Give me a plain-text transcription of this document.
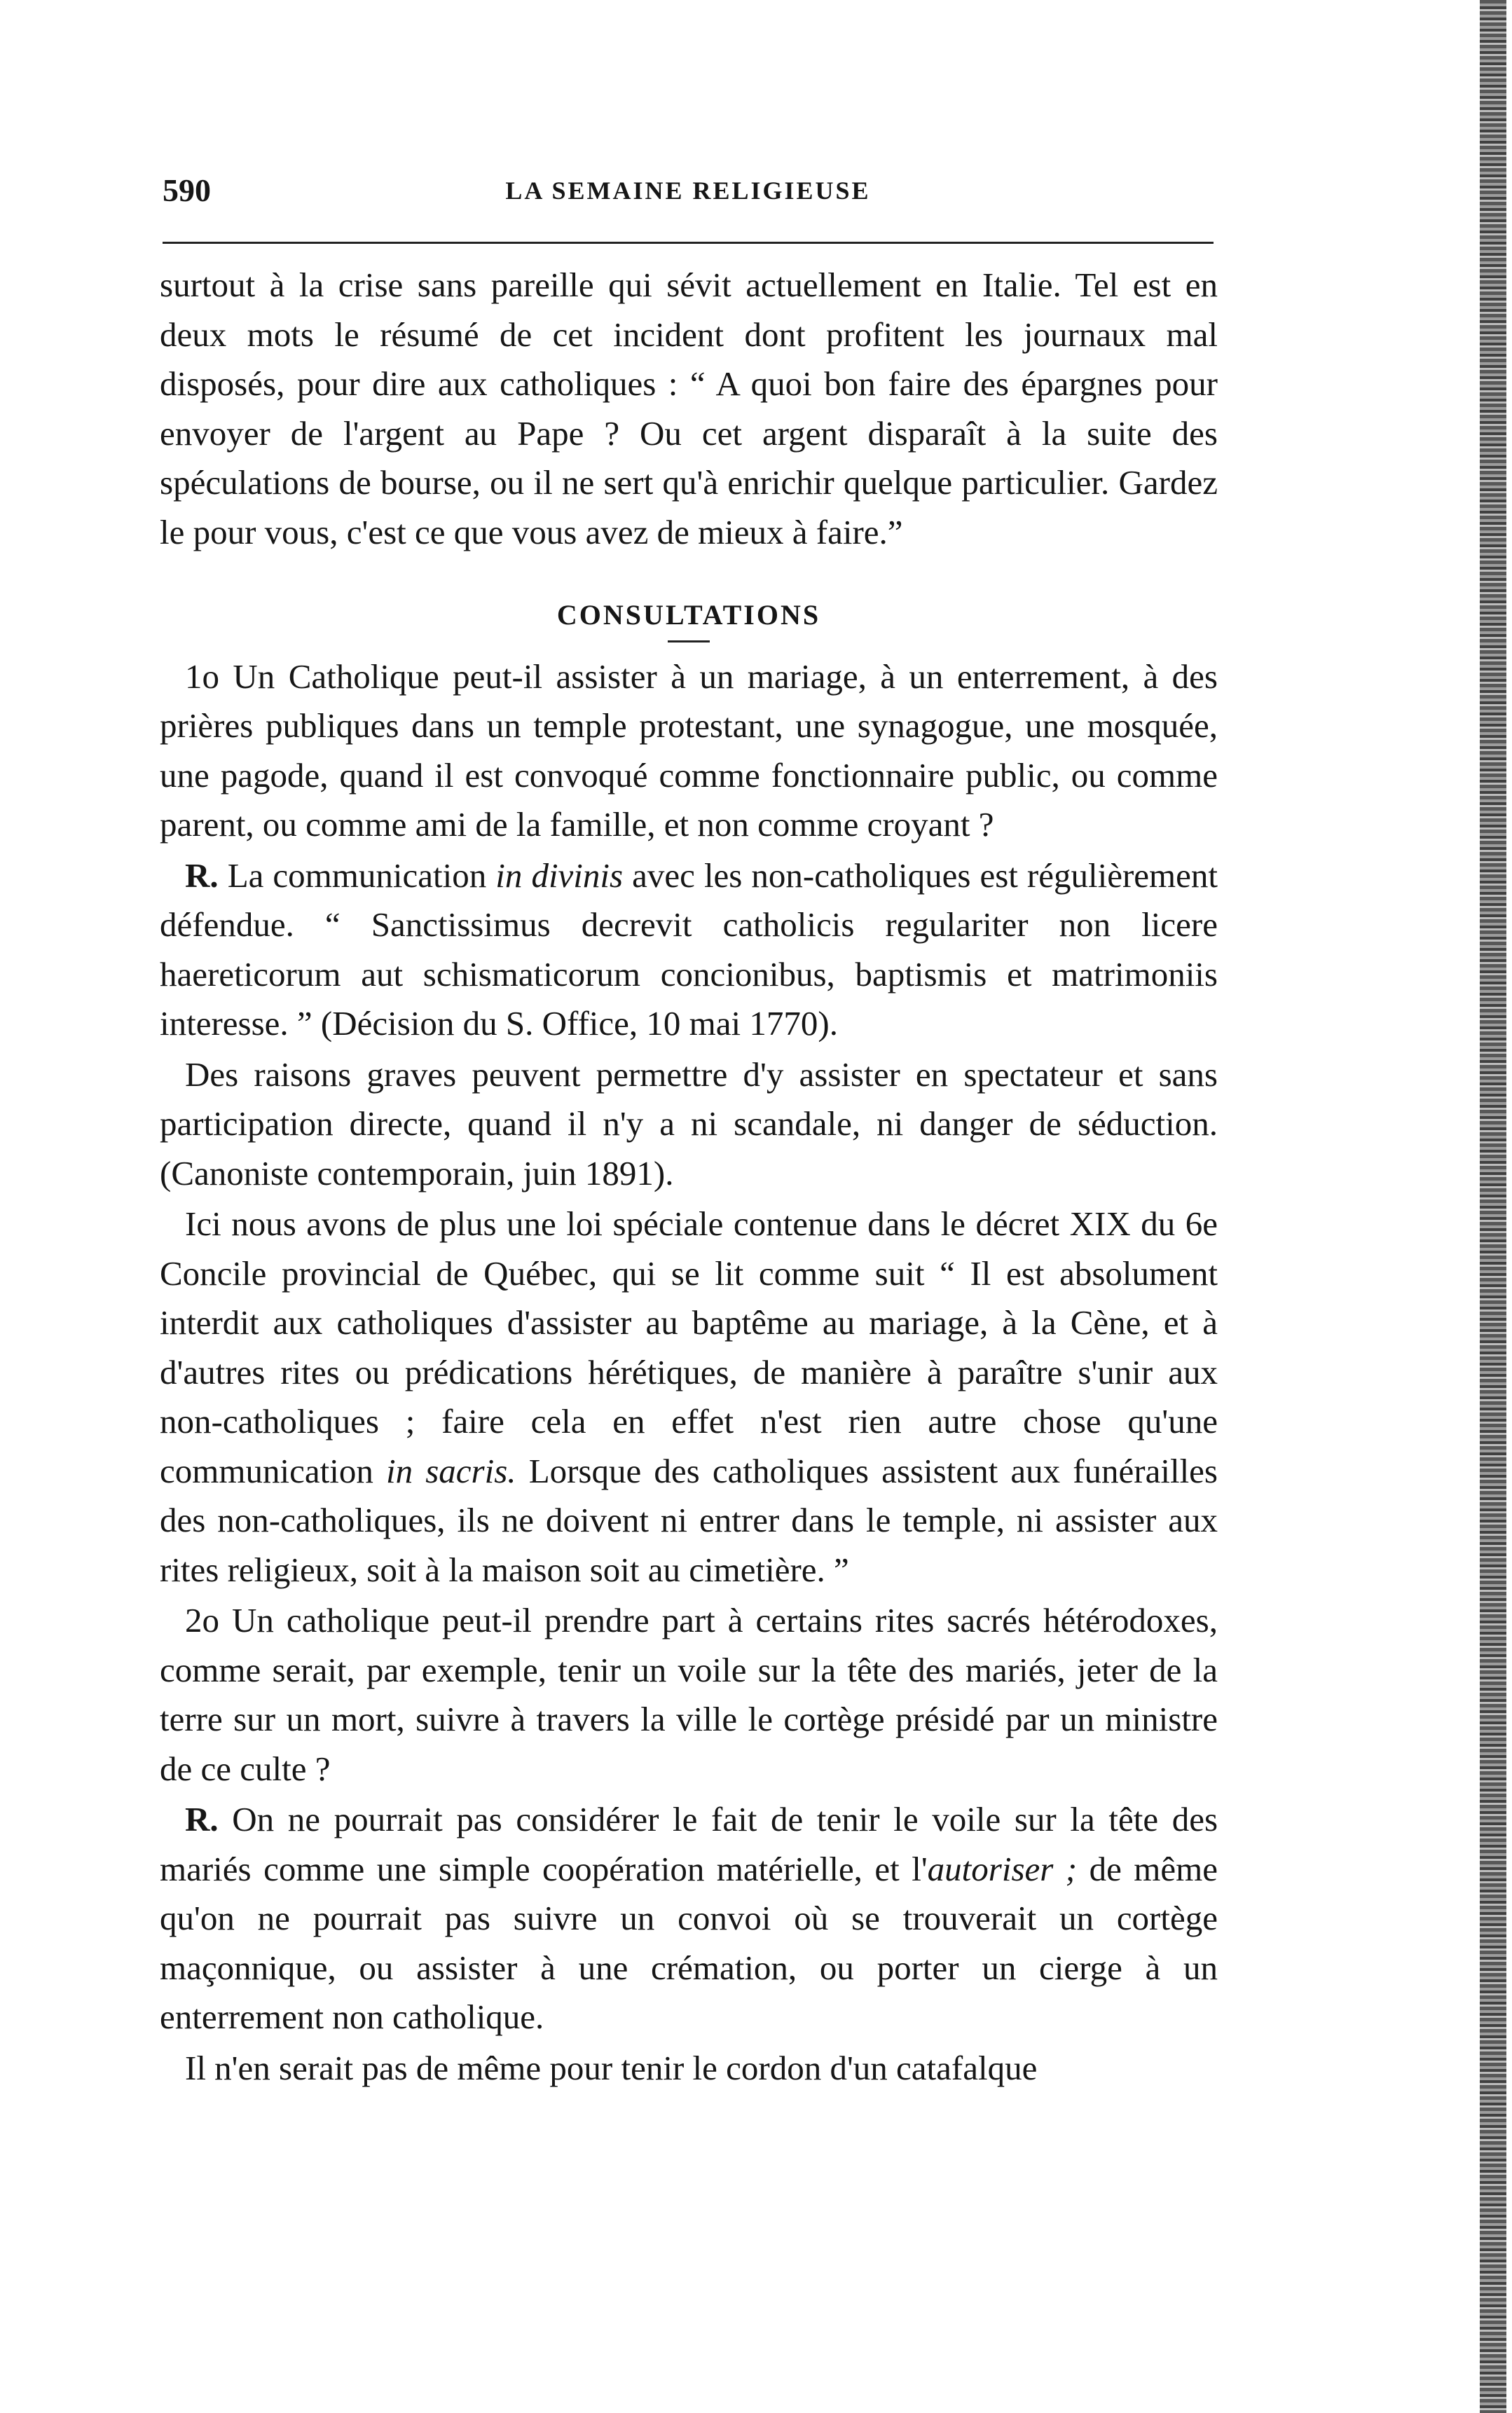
590	LA SEMAINE RELIGIEUSE

surtout à la crise sans pareille qui sévit actuellement en Italie. Tel est en deux mots le résumé de cet incident dont profitent les journaux mal disposés, pour dire aux catholiques : “ A quoi bon faire des épargnes pour envoyer de l'argent au Pape ? Ou cet argent disparaît à la suite des spéculations de bourse, ou il ne sert qu'à enrichir quelque particulier. Gardez le pour vous, c'est ce que vous avez de mieux à faire.”

CONSULTATIONS

1o Un Catholique peut-il assister à un mariage, à un enterrement, à des prières publiques dans un temple protestant, une synagogue, une mosquée, une pagode, quand il est convoqué comme fonctionnaire public, ou comme parent, ou comme ami de la famille, et non comme croyant ?

R. La communication in divinis avec les non-catholiques est régulièrement défendue. “ Sanctissimus decrevit catholicis regulariter non licere haereticorum aut schismaticorum concionibus, baptismis et matrimoniis interesse. ” (Décision du S. Office, 10 mai 1770).

Des raisons graves peuvent permettre d'y assister en spectateur et sans participation directe, quand il n'y a ni scandale, ni danger de séduction. (Canoniste contemporain, juin 1891).

Ici nous avons de plus une loi spéciale contenue dans le décret XIX du 6e Concile provincial de Québec, qui se lit comme suit “ Il est absolument interdit aux catholiques d'assister au baptême au mariage, à la Cène, et à d'autres rites ou prédications hérétiques, de manière à paraître s'unir aux non-catholiques ; faire cela en effet n'est rien autre chose qu'une communication in sacris. Lorsque des catholiques assistent aux funérailles des non-catholiques, ils ne doivent ni entrer dans le temple, ni assister aux rites religieux, soit à la maison soit au cimetière. ”

2o Un catholique peut-il prendre part à certains rites sacrés hétérodoxes, comme serait, par exemple, tenir un voile sur la tête des mariés, jeter de la terre sur un mort, suivre à travers la ville le cortège présidé par un ministre de ce culte ?

R. On ne pourrait pas considérer le fait de tenir le voile sur la tête des mariés comme une simple coopération matérielle, et l'autoriser ; de même qu'on ne pourrait pas suivre un convoi où se trouverait un cortège maçonnique, ou assister à une crémation, ou porter un cierge à un enterrement non catholique.

Il n'en serait pas de même pour tenir le cordon d'un catafalque
